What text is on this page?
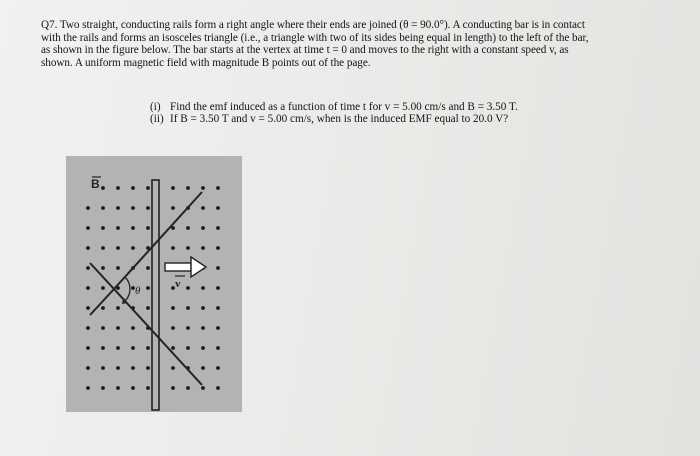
Q7. Two straight, conducting rails form a right angle where their ends are joined (θ = 90.0°). A conducting bar is in contact

with the rails and forms an isosceles triangle (i.e., a triangle with two of its sides being equal in length) to the left of the bar,

as shown in the figure below. The bar starts at the vertex at time t = 0 and moves to the right with a constant speed v, as

shown. A uniform magnetic field with magnitude B points out of the page.

(i) Find the emf induced as a function of time t for v = 5.00 cm/s and B = 3.50 T.
(ii) If B = 3.50 T and v = 5.00 cm/s, when is the induced EMF equal to 20.0 V?
θ
v
B
